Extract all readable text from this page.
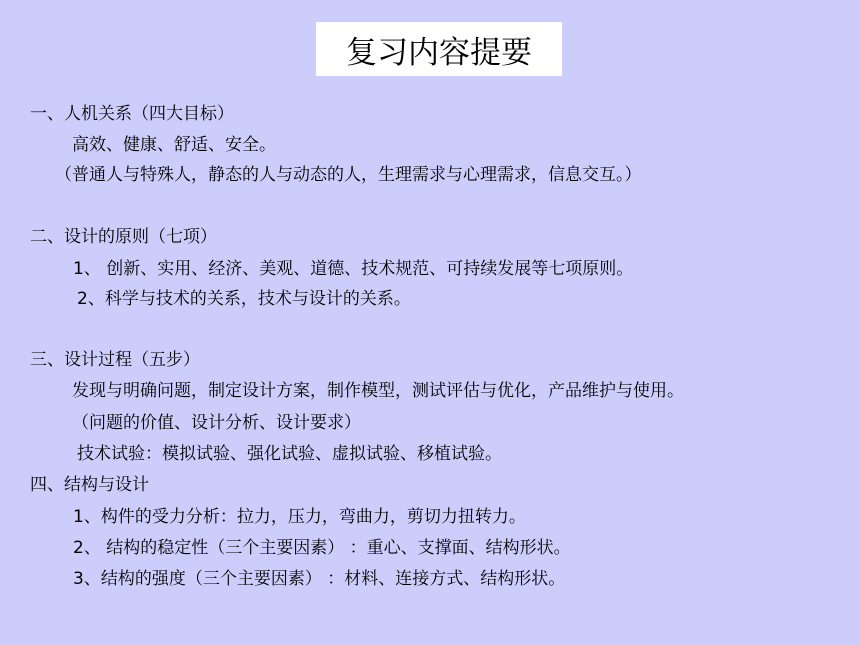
复习内容提要
一、人机关系（四大目标）
高效、健康、舒适、安全。
（普通人与特殊人，静态的人与动态的人，生理需求与心理需求，信息交互。）
二、设计的原则（七项）
1、 创新、实用、经济、美观、道德、技术规范、可持续发展等七项原则。
2、科学与技术的关系，技术与设计的关系。
三、设计过程（五步）
发现与明确问题，制定设计方案，制作模型，测试评估与优化，产品维护与使用。
（问题的价值、设计分析、设计要求）
技术试验：模拟试验、强化试验、虚拟试验、移植试验。
四、结构与设计
1、构件的受力分析：拉力，压力，弯曲力，剪切力扭转力。
2、 结构的稳定性（三个主要因素） ：重心、支撑面、结构形状。
3、结构的强度（三个主要因素） ：材料、连接方式、结构形状。
